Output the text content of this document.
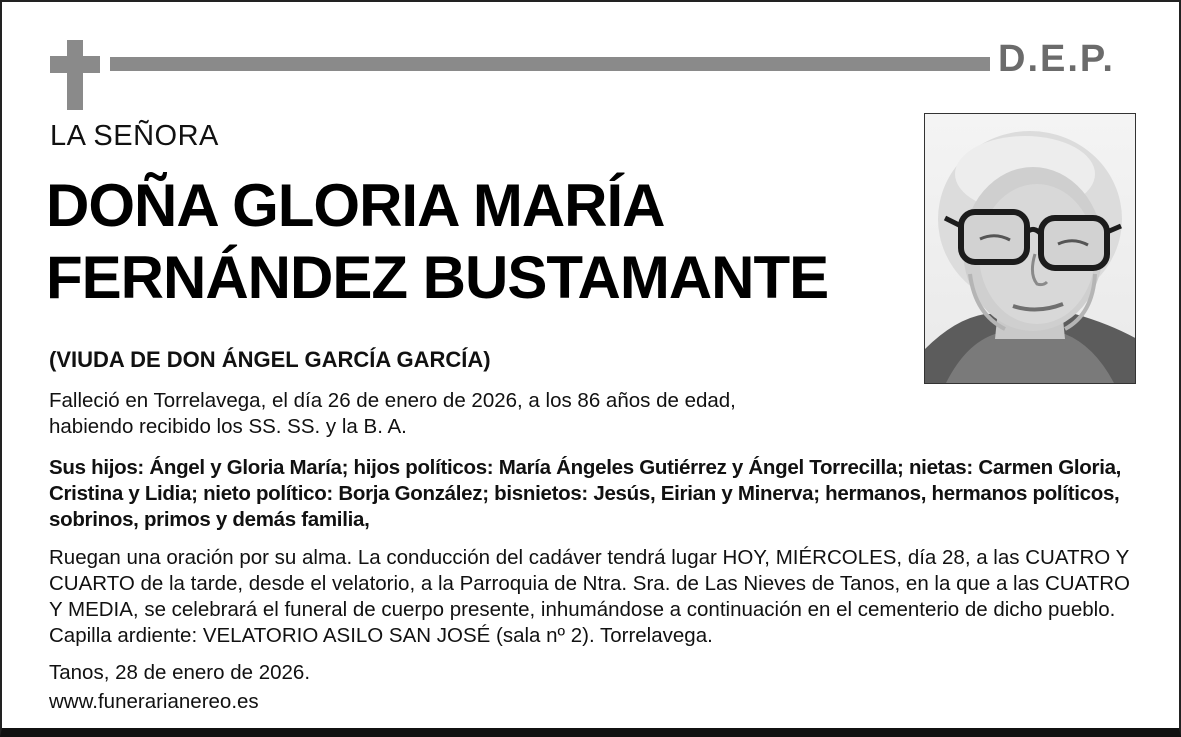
D.E.P.
LA SEÑORA
DOÑA GLORIA MARÍA
FERNÁNDEZ BUSTAMANTE
(VIUDA DE DON ÁNGEL GARCÍA GARCÍA)
Falleció en Torrelavega, el día 26 de enero de 2026, a los 86 años de edad,
habiendo recibido los SS. SS. y la B. A.
Sus hijos: Ángel y Gloria María; hijos políticos: María Ángeles Gutiérrez y Ángel Torrecilla; nietas: Carmen Gloria, Cristina y Lidia; nieto político: Borja González; bisnietos: Jesús, Eirian y Minerva; hermanos, hermanos políticos, sobrinos, primos y demás familia,
Ruegan una oración por su alma. La conducción del cadáver tendrá lugar HOY, MIÉRCOLES, día 28, a las CUATRO Y CUARTO de la tarde, desde el velatorio, a la Parroquia de Ntra. Sra. de Las Nieves de Tanos, en la que a las CUATRO Y MEDIA, se celebrará el funeral de cuerpo presente, inhumándose a continuación en el cementerio de dicho pueblo. Capilla ardiente: VELATORIO ASILO SAN JOSÉ (sala nº 2). Torrelavega.
Tanos, 28 de enero de 2026.
www.funerarianereo.es
